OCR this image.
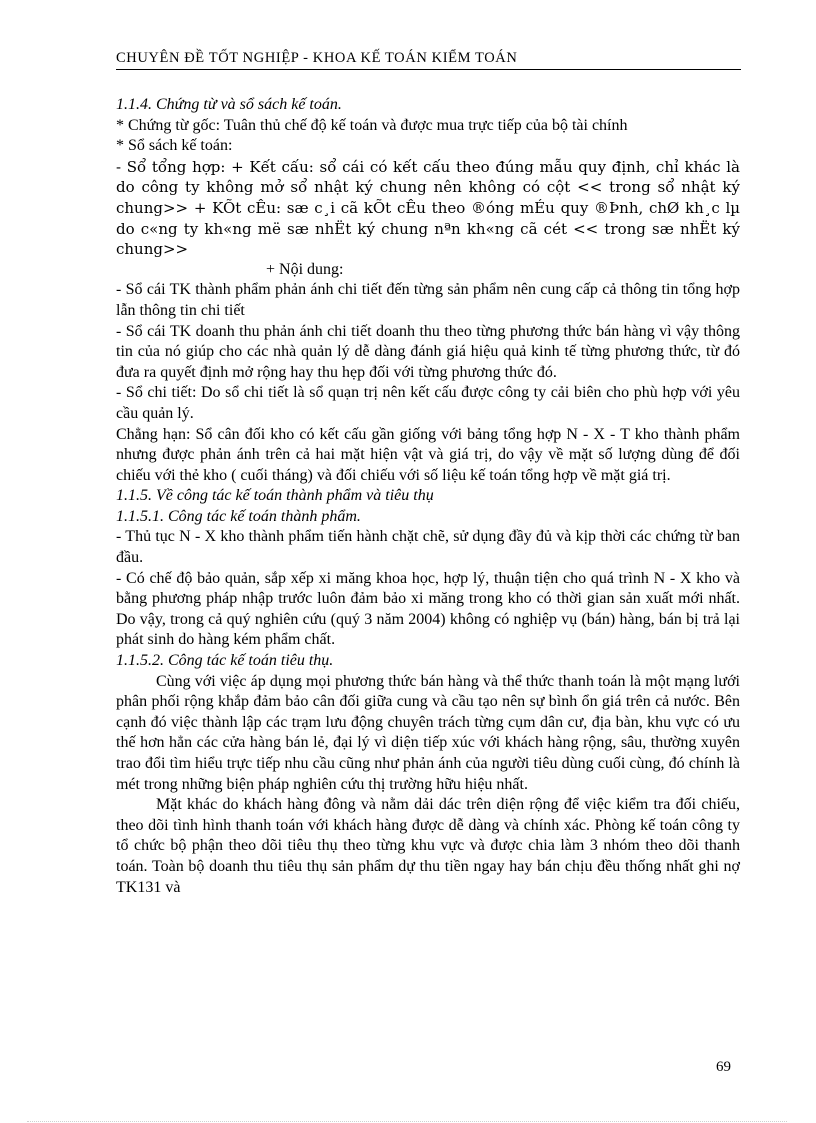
CHUYÊN ĐỀ TỐT NGHIỆP - KHOA KẾ TOÁN KIỂM TOÁN

1.1.4. Chứng từ và sổ sách kế toán.

* Chứng từ gốc: Tuân thủ chế độ kế toán và được mua trực tiếp của bộ tài chính

* Sổ sách kế toán:

- Sổ tổng hợp: + Kết cấu: sổ cái có kết cấu theo đúng mẫu quy định, chỉ khác là do công ty không mở sổ nhật ký chung nên không có cột << trong sổ nhật ký chung>> + KÕt cÊu: sæ c¸i cã kÕt cÊu theo ®óng mÉu quy ®Þnh, chØ kh¸c lµ do c«ng ty kh«ng më sæ nhËt ký chung nªn kh«ng cã cét << trong sæ nhËt ký chung>>

+ Nội dung:

- Sổ cái TK thành phẩm phản ánh chi tiết đến từng sản phẩm nên cung cấp cả thông tin tổng hợp lẫn thông tin chi tiết

- Sổ cái TK doanh thu phản ánh chi tiết doanh thu theo từng phương thức bán hàng vì vậy thông tin của nó giúp cho các nhà quản lý dễ dàng đánh giá hiệu quả kinh tế từng phương thức, từ đó đưa ra quyết định mở rộng hay thu hẹp đối với từng phương thức đó.

- Sổ chi tiết: Do sổ chi tiết là sổ quạn trị nên kết cấu được công ty cải biên cho phù hợp với yêu cầu quản lý.

Chẳng hạn: Sổ cân đối kho có kết cấu gần giống với bảng tổng hợp N - X - T kho thành phẩm nhưng được phản ánh trên cả hai mặt hiện vật và giá trị, do vậy về mặt số lượng dùng để đối chiếu với thẻ kho ( cuối tháng) và đối chiếu với số liệu kế toán tổng hợp về mặt giá trị.

1.1.5. Về công tác kế toán thành phẩm và tiêu thụ

1.1.5.1. Công tác kế toán thành phẩm.

- Thủ tục N - X kho thành phẩm tiến hành chặt chẽ, sử dụng đầy đủ và kịp thời các chứng từ ban đầu.

- Có chế độ bảo quản, sắp xếp xi măng khoa học, hợp lý, thuận tiện cho quá trình N - X kho và bằng phương pháp nhập trước luôn đảm bảo xi măng trong kho có thời gian sản xuất mới nhất. Do vậy, trong cả quý nghiên cứu (quý 3 năm 2004) không có nghiệp vụ (bán) hàng, bán bị trả lại phát sinh do hàng kém phẩm chất.

1.1.5.2. Công tác kế toán tiêu thụ.

Cùng với việc áp dụng mọi phương thức bán hàng và thể thức thanh toán là một mạng lưới phân phối rộng khắp đảm bảo cân đối giữa cung và cầu tạo nên sự bình ổn giá trên cả nước. Bên cạnh đó việc thành lập các trạm lưu động chuyên trách từng cụm dân cư, địa bàn, khu vực có ưu thế hơn hẳn các cửa hàng bán lẻ, đại lý vì diện tiếp xúc với khách hàng rộng, sâu, thường xuyên trao đổi tìm hiểu trực tiếp nhu cầu cũng như phản ánh của người tiêu dùng cuối cùng, đó chính là mét trong những biện pháp nghiên cứu thị trường hữu hiệu nhất.

Mặt khác do khách hàng đông và nằm dải dác trên diện rộng để việc kiểm tra đối chiếu, theo dõi tình hình thanh toán với khách hàng được dễ dàng và chính xác. Phòng kế toán công ty tổ chức bộ phận theo dõi tiêu thụ theo từng khu vực và được chia làm 3 nhóm theo dõi thanh toán. Toàn bộ doanh thu tiêu thụ sản phẩm dự thu tiền ngay hay bán chịu đều thống nhất ghi nợ TK131 và

69
